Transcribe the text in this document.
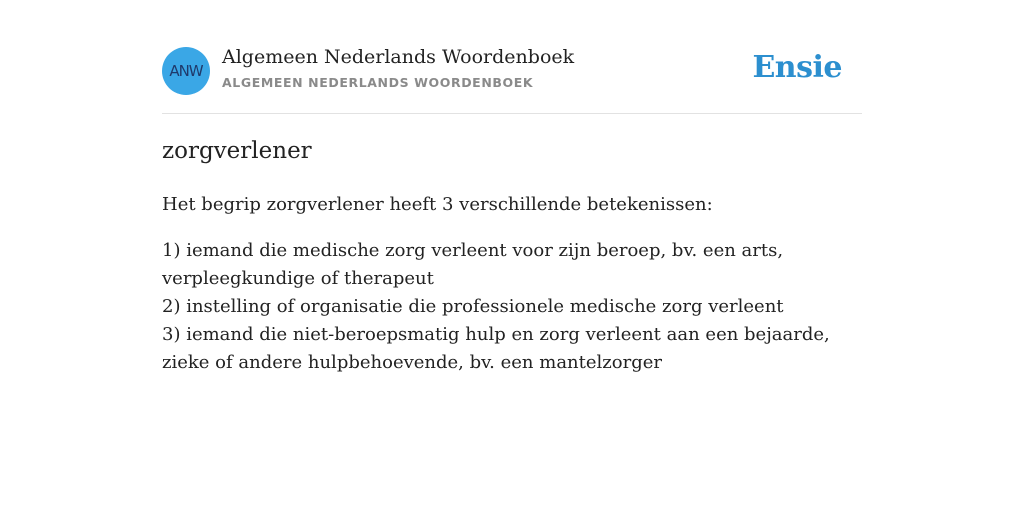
ANW
Algemeen Nederlands Woordenboek
ALGEMEEN NEDERLANDS WOORDENBOEK	Ensie
zorgverlener

Het begrip zorgverlener heeft 3 verschillende betekenissen:

1) iemand die medische zorg verleent voor zijn beroep, bv. een arts, verpleegkundige of therapeut
2) instelling of organisatie die professionele medische zorg verleent
3) iemand die niet-beroepsmatig hulp en zorg verleent aan een bejaarde, zieke of andere hulpbehoevende, bv. een mantelzorger
